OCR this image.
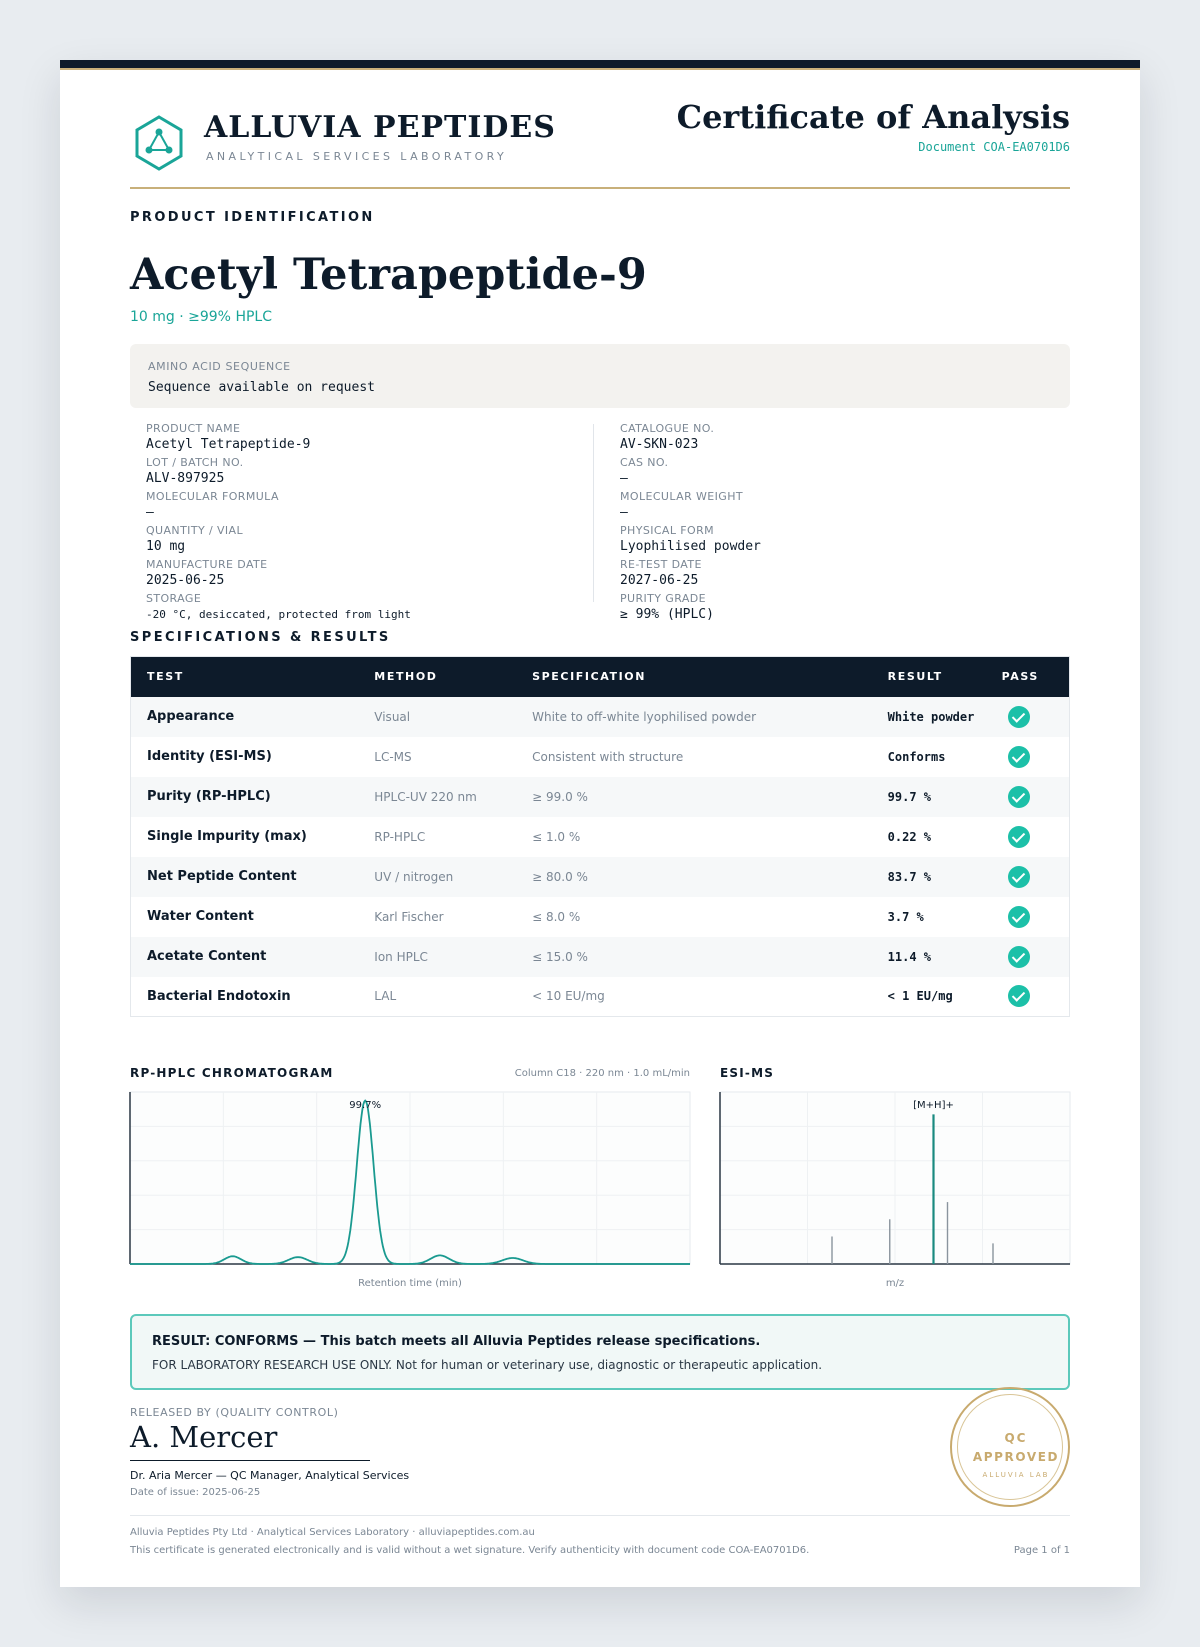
ALLUVIA PEPTIDES
ANALYTICAL SERVICES LABORATORY
Certificate of Analysis
Document COA-EA0701D6
PRODUCT IDENTIFICATION
Acetyl Tetrapeptide-9
10 mg · ≥99% HPLC
AMINO ACID SEQUENCE
Sequence available on request
PRODUCT NAME
Acetyl Tetrapeptide-9
LOT / BATCH NO.
ALV-897925
MOLECULAR FORMULA
—
QUANTITY / VIAL
10 mg
MANUFACTURE DATE
2025-06-25
STORAGE
-20 °C, desiccated, protected from light
CATALOGUE NO.
AV-SKN-023
CAS NO.
—
MOLECULAR WEIGHT
—
PHYSICAL FORM
Lyophilised powder
RE-TEST DATE
2027-06-25
PURITY GRADE
≥ 99% (HPLC)
SPECIFICATIONS & RESULTS
TEST	METHOD	SPECIFICATION	RESULT	PASS
Appearance	Visual	White to off-white lyophilised powder	White powder	
Identity (ESI-MS)	LC-MS	Consistent with structure	Conforms	
Purity (RP-HPLC)	HPLC-UV 220 nm	≥ 99.0 %	99.7 %	
Single Impurity (max)	RP-HPLC	≤ 1.0 %	0.22 %	
Net Peptide Content	UV / nitrogen	≥ 80.0 %	83.7 %	
Water Content	Karl Fischer	≤ 8.0 %	3.7 %	
Acetate Content	Ion HPLC	≤ 15.0 %	11.4 %	
Bacterial Endotoxin	LAL	< 10 EU/mg	< 1 EU/mg	
RP-HPLC CHROMATOGRAM	Column C18 · 220 nm · 1.0 mL/min
99.7%
Retention time (min)
ESI-MS
[M+H]+
m/z
RESULT: CONFORMS — This batch meets all Alluvia Peptides release specifications.
FOR LABORATORY RESEARCH USE ONLY. Not for human or veterinary use, diagnostic or therapeutic application.
RELEASED BY (QUALITY CONTROL)
A. Mercer
Dr. Aria Mercer — QC Manager, Analytical Services
Date of issue: 2025-06-25
QC
APPROVED
ALLUVIA LAB
Alluvia Peptides Pty Ltd · Analytical Services Laboratory · alluviapeptides.com.au
This certificate is generated electronically and is valid without a wet signature. Verify authenticity with document code COA-EA0701D6.	Page 1 of 1
